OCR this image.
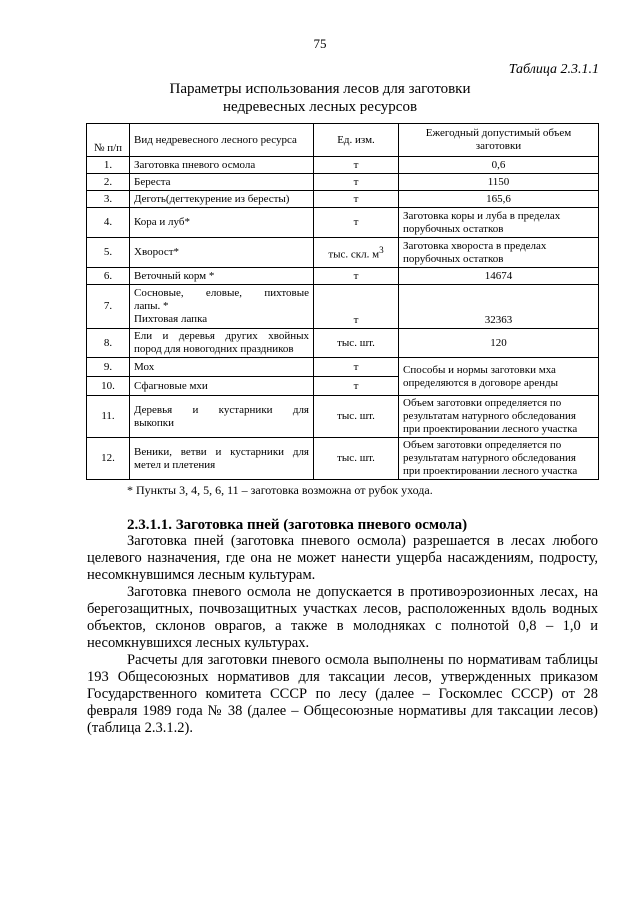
75
Таблица 2.3.1.1
Параметры использования лесов для заготовки
недревесных лесных ресурсов
№ п/п	Вид недревесного лесного ресурса	Ед. изм.	Ежегодный допустимый объем заготовки
1.	Заготовка пневого осмола	т	0,6
2.	Береста	т	1150
3.	Деготь(дегтекурение из бересты)	т	165,6
4.	Кора и луб*	т	Заготовка коры и луба в пределах порубочных остатков
5.	Хворост*	тыс. скл. $м^3$	Заготовка хвороста в пределах порубочных остатков
6.	Веточный корм *	т	14674
7.	Сосновые, еловые, пихтовые
лапы. *
Пихтовая лапка	т	32363
8.	Ели и деревья других хвойных
пород для новогодних праздников	тыс. шт.	120
9.	Мох	т	Способы и нормы заготовки мха
определяются в договоре аренды

10.	Сфагновые мхи	т	
11.	Деревья и кустарники для
выкопки	тыс. шт.	Объем заготовки определяется по результатам натурного обследования при проектировании лесного участка
12.	Веники, ветви и кустарники для
метел и плетения	тыс. шт.	Объем заготовки определяется по результатам натурного обследования при проектировании лесного участка
* Пункты 3, 4, 5, 6, 11 – заготовка возможна от рубок ухода.
2.3.1.1. Заготовка пней (заготовка пневого осмола)

Заготовка пней (заготовка пневого осмола) разрешается в лесах любого целевого назначения, где она не может нанести ущерба насаждениям, подросту, несомкнувшимся лесным культурам.

Заготовка пневого осмола не допускается в противоэрозионных лесах, на берегозащитных, почвозащитных участках лесов, расположенных вдоль водных объектов, склонов оврагов, а также в молодняках с полнотой 0,8 – 1,0 и несомкнувшихся лесных культурах.

Расчеты для заготовки пневого осмола выполнены по нормативам таблицы 193 Общесоюзных нормативов для таксации лесов, утвержденных приказом Государственного комитета СССР по лесу (далее – Госкомлес СССР) от 28 февраля 1989 года № 38 (далее – Общесоюзные нормативы для таксации лесов) (таблица 2.3.1.2).
